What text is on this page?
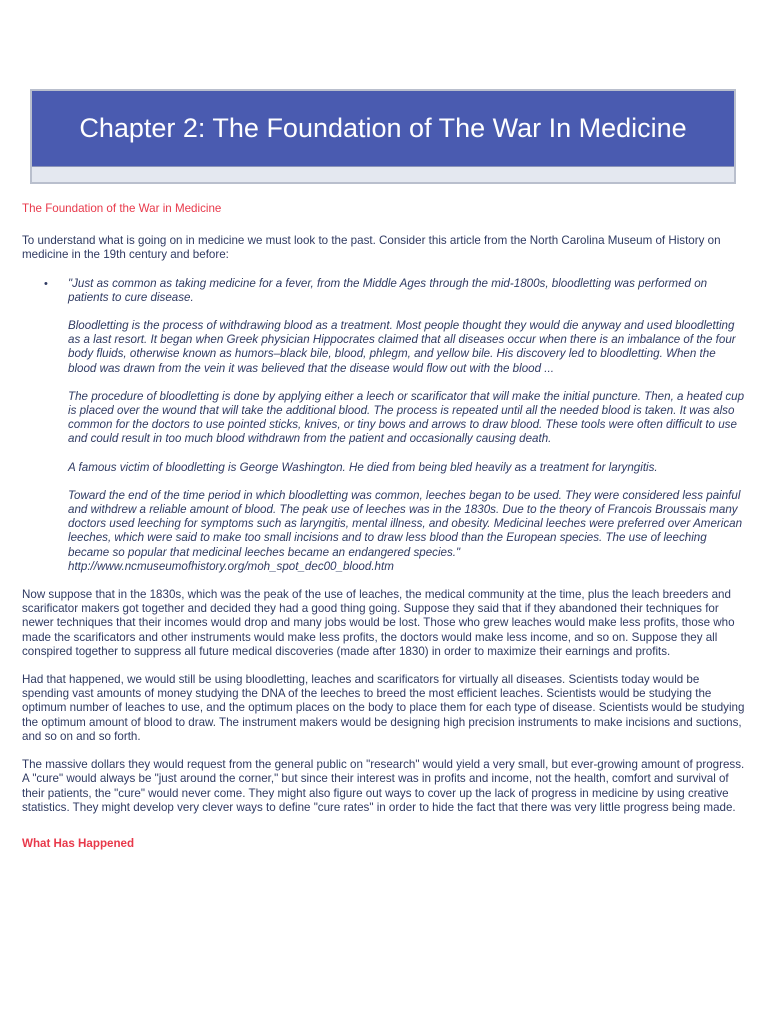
Chapter 2: The Foundation of The War In Medicine
The Foundation of the War in Medicine

To understand what is going on in medicine we must look to the past. Consider this article from the North Carolina Museum of History on medicine in the 19th century and before:

• "Just as common as taking medicine for a fever, from the Middle Ages through the mid-1800s, bloodletting was performed on patients to cure disease.

Bloodletting is the process of withdrawing blood as a treatment. Most people thought they would die anyway and used bloodletting as a last resort. It began when Greek physician Hippocrates claimed that all diseases occur when there is an imbalance of the four body fluids, otherwise known as humors–black bile, blood, phlegm, and yellow bile. His discovery led to bloodletting. When the blood was drawn from the vein it was believed that the disease would flow out with the blood ...

The procedure of bloodletting is done by applying either a leech or scarificator that will make the initial puncture. Then, a heated cup is placed over the wound that will take the additional blood. The process is repeated until all the needed blood is taken. It was also common for the doctors to use pointed sticks, knives, or tiny bows and arrows to draw blood. These tools were often difficult to use and could result in too much blood withdrawn from the patient and occasionally causing death.

A famous victim of bloodletting is George Washington. He died from being bled heavily as a treatment for laryngitis.

Toward the end of the time period in which bloodletting was common, leeches began to be used. They were considered less painful and withdrew a reliable amount of blood. The peak use of leeches was in the 1830s. Due to the theory of Francois Broussais many doctors used leeching for symptoms such as laryngitis, mental illness, and obesity. Medicinal leeches were preferred over American leeches, which were said to make too small incisions and to draw less blood than the European species. The use of leeching became so popular that medicinal leeches became an endangered species." http://www.ncmuseumofhistory.org/moh_spot_dec00_blood.htm

Now suppose that in the 1830s, which was the peak of the use of leaches, the medical community at the time, plus the leach breeders and scarificator makers got together and decided they had a good thing going. Suppose they said that if they abandoned their techniques for newer techniques that their incomes would drop and many jobs would be lost. Those who grew leaches would make less profits, those who made the scarificators and other instruments would make less profits, the doctors would make less income, and so on. Suppose they all conspired together to suppress all future medical discoveries (made after 1830) in order to maximize their earnings and profits.

Had that happened, we would still be using bloodletting, leaches and scarificators for virtually all diseases. Scientists today would be spending vast amounts of money studying the DNA of the leeches to breed the most efficient leaches. Scientists would be studying the optimum number of leaches to use, and the optimum places on the body to place them for each type of disease. Scientists would be studying the optimum amount of blood to draw. The instrument makers would be designing high precision instruments to make incisions and suctions, and so on and so forth.

The massive dollars they would request from the general public on "research" would yield a very small, but ever-growing amount of progress. A "cure" would always be "just around the corner," but since their interest was in profits and income, not the health, comfort and survival of their patients, the "cure" would never come. They might also figure out ways to cover up the lack of progress in medicine by using creative statistics. They might develop very clever ways to define "cure rates" in order to hide the fact that there was very little progress being made.

What Has Happened
